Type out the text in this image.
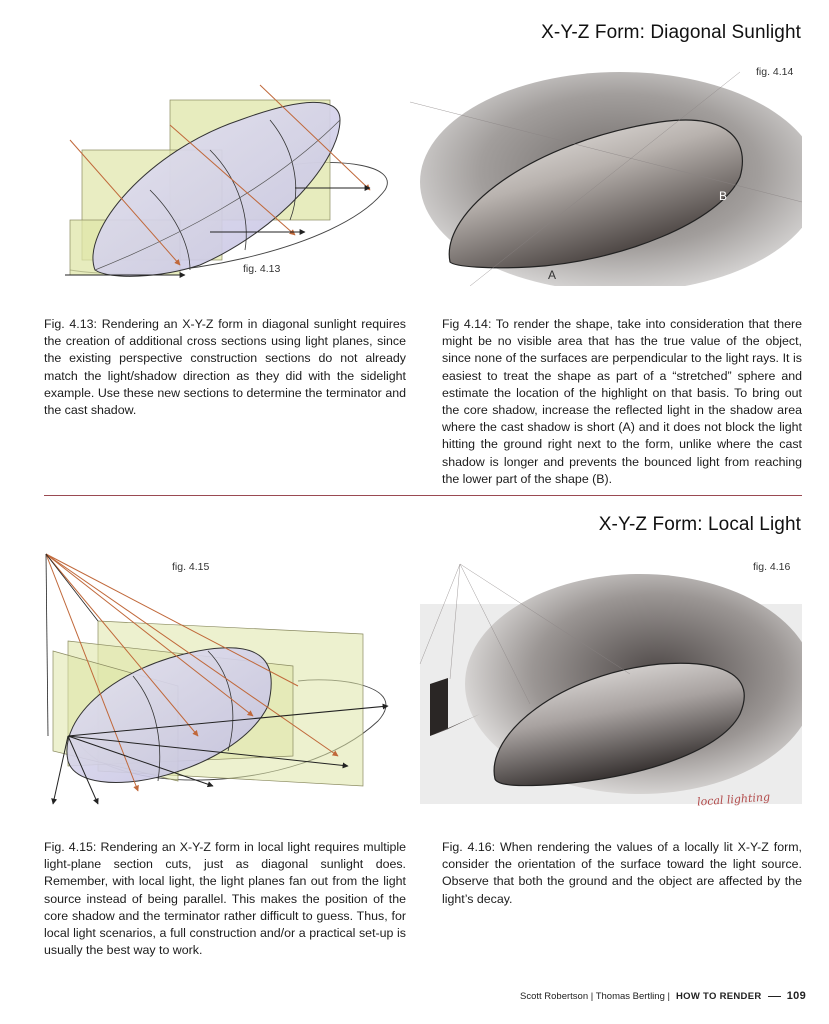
X-Y-Z Form: Diagonal Sunlight
fig. 4.13
fig. 4.14
A
B
Fig. 4.13: Rendering an X-Y-Z form in diagonal sunlight requires the creation of additional cross sections using light planes, since the existing perspective construction sections do not already match the light/shadow direction as they did with the sidelight example. Use these new sections to determine the terminator and the cast shadow.
Fig 4.14: To render the shape, take into consideration that there might be no visible area that has the true value of the object, since none of the surfaces are perpendicular to the light rays. It is easiest to treat the shape as part of a “stretched” sphere and estimate the location of the highlight on that basis. To bring out the core shadow, increase the reflected light in the shadow area where the cast shadow is short (A) and it does not block the light hitting the ground right next to the form, unlike where the cast shadow is longer and prevents the bounced light from reaching the lower part of the shape (B).
X-Y-Z Form: Local Light
fig. 4.15	fig. 4.16
local lighting
Fig. 4.15: Rendering an X-Y-Z form in local light requires multiple light-plane section cuts, just as diagonal sunlight does. Remember, with local light, the light planes fan out from the light source instead of being parallel. This makes the position of the core shadow and the terminator rather difficult to guess. Thus, for local light scenarios, a full construction and/or a practical set-up is usually the best way to work.
Fig. 4.16: When rendering the values of a locally lit X-Y-Z form, consider the orientation of the surface toward the light source. Observe that both the ground and the object are affected by the light’s decay.
Scott Robertson | Thomas Bertling | HOW TO RENDER 109
